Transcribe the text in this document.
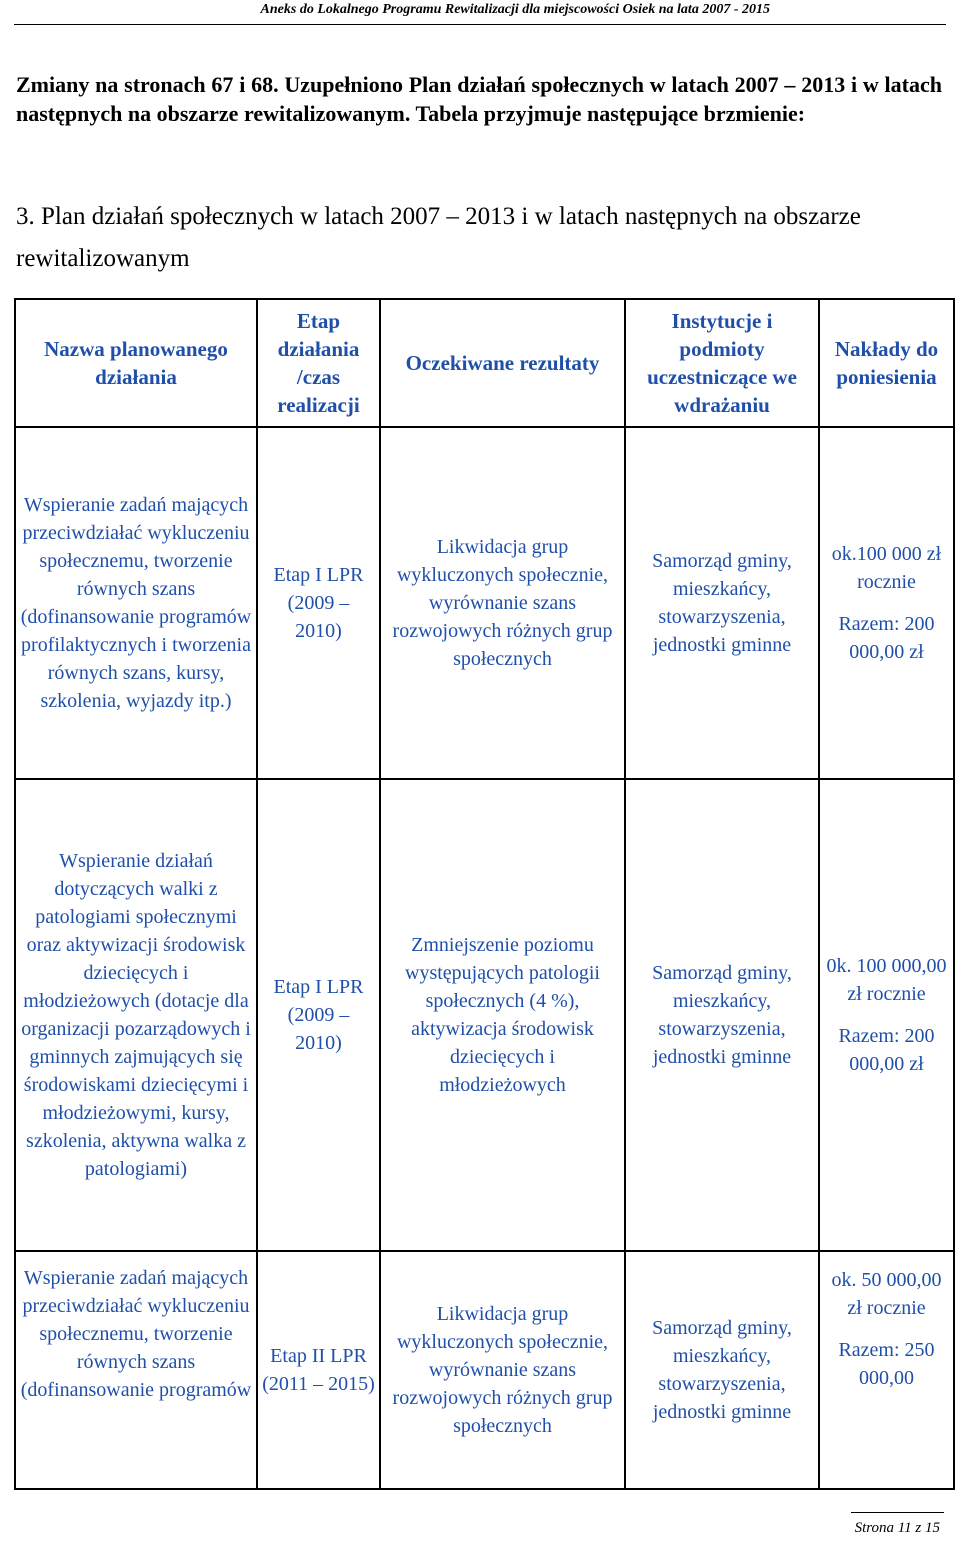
Aneks do Lokalnego Programu Rewitalizacji dla miejscowości Osiek na lata 2007 - 2015

Zmiany na stronach 67 i 68. Uzupełniono Plan działań społecznych w latach 2007 – 2013 i w latach następnych na obszarze rewitalizowanym. Tabela przyjmuje następujące brzmienie:

3. Plan działań społecznych w latach 2007 – 2013 i w latach następnych na obszarze rewitalizowanym

Nazwa planowanego działania	Etap działania /czas realizacji	Oczekiwane rezultaty	Instytucje i podmioty uczestniczące we wdrażaniu	Nakłady do poniesienia
Wspieranie zadań mających przeciwdziałać wykluczeniu społecznemu, tworzenie równych szans (dofinansowanie programów profilaktycznych i tworzenia równych szans, kursy, szkolenia, wyjazdy itp.)	Etap I LPR (2009 – 2010)	Likwidacja grup wykluczonych społecznie, wyrównanie szans rozwojowych różnych grup społecznych	Samorząd gminy, mieszkańcy, stowarzyszenia, jednostki gminne	ok.100 000 zł rocznie
Razem: 200 000,00 zł
Wspieranie działań dotyczących walki z patologiami społecznymi oraz aktywizacji środowisk dziecięcych i młodzieżowych (dotacje dla organizacji pozarządowych i gminnych zajmujących się środowiskami dziecięcymi i młodzieżowymi, kursy, szkolenia, aktywna walka z patologiami)	Etap I LPR (2009 – 2010)	Zmniejszenie poziomu występujących patologii społecznych (4 %), aktywizacja środowisk dziecięcych i młodzieżowych	Samorząd gminy, mieszkańcy, stowarzyszenia, jednostki gminne	0k. 100 000,00 zł rocznie
Razem: 200 000,00 zł

Wspieranie zadań mających przeciwdziałać wykluczeniu społecznemu, tworzenie równych szans (dofinansowanie programów	Etap II LPR (2011 – 2015)	Likwidacja grup wykluczonych społecznie, wyrównanie szans rozwojowych różnych grup społecznych	Samorząd gminy, mieszkańcy, stowarzyszenia, jednostki gminne	ok. 50 000,00 zł rocznie
Razem: 250 000,00
Strona 11 z 15
